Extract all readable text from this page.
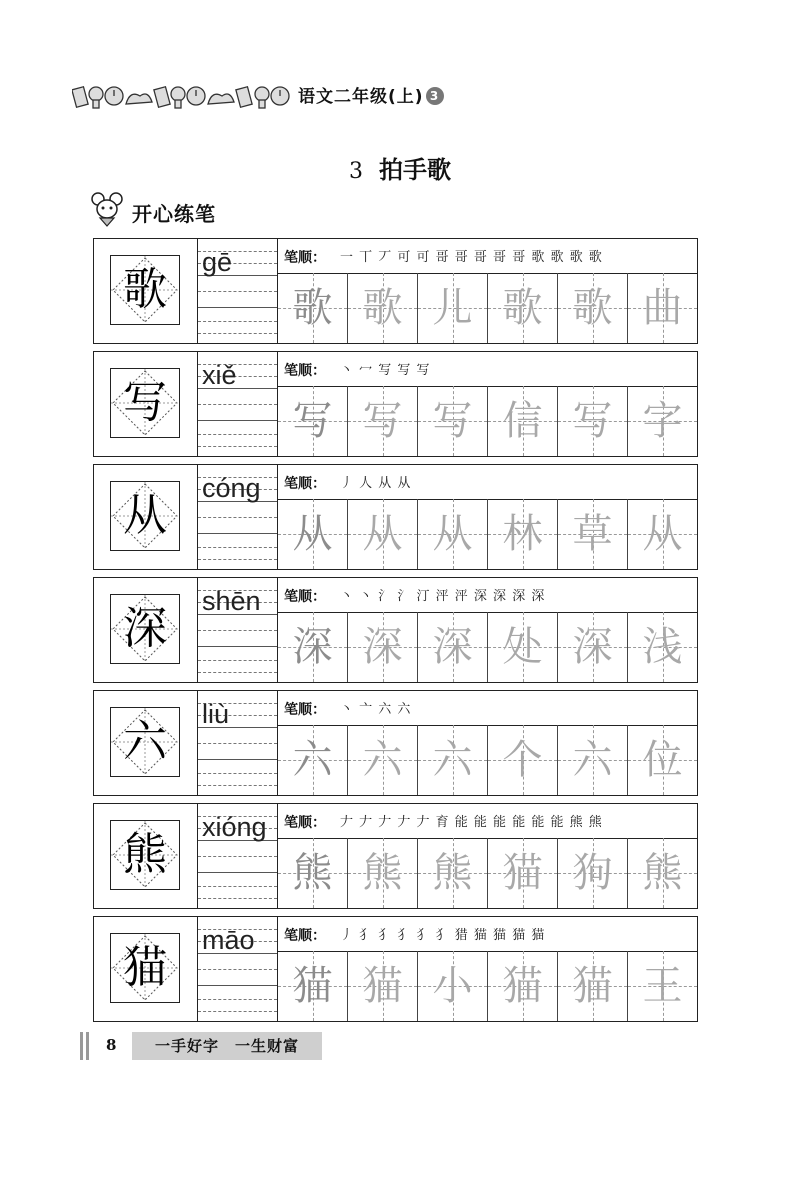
语文二年级(上) 3
3 拍手歌
开心练笔
歌
gē	笔顺： 一 丅 丆 可 可 哥 哥 哥 哥 哥 歌 歌 歌 歌
歌 歌 儿 歌 歌 曲
写
xiě	笔顺： 丶 冖 写 写 写
写 写 写 信 写 字
从
cóng 笔顺： 丿 人 从 从
从 从 从 林 草 从
深
shēn 笔顺： 丶 丶 氵 氵 汀 泙 泙 深 深 深 深
深 深 深 处 深 浅
六
liù	笔顺： 丶 亠 六 六
六 六 六 个 六 位
熊
xióng 笔顺： 𠂇 𠂇 𠂇 𠂇 𠂇 育 能 能 能 能 能 能 熊 熊
熊 熊 熊 猫 狗 熊
猫
māo 笔顺： 丿 犭 犭 犭 犭 犭 猎 猫 猫 猫 猫
猫 猫 小 猫 猫 王
8	一手好字　一生财富
